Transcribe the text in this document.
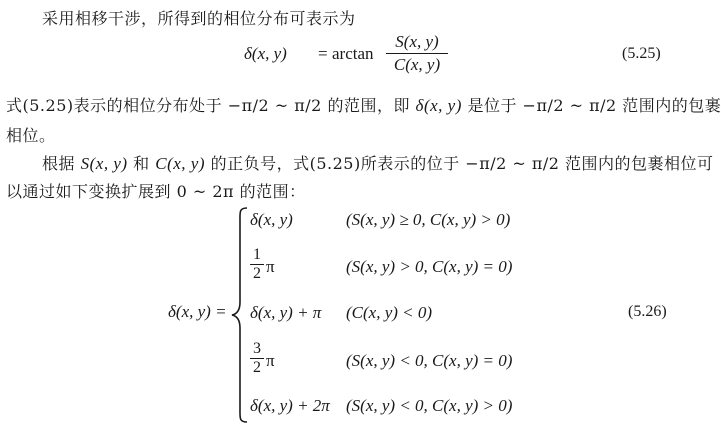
采用相移干涉，所得到的相位分布可表示为
δ(x, y) = arctan
S(x, y)
C(x, y)
(5.25)
式(5.25)表示的相位分布处于 −π/2 ~ π/2 的范围，即 δ(x, y) 是位于 −π/2 ~ π/2 范围内的包裹
相位。
根据 S(x, y) 和 C(x, y) 的正负号，式(5.25)所表示的位于 −π/2 ~ π/2 范围内的包裹相位可
以通过如下变换扩展到 0 ~ 2π 的范围：
δ(x, y) =
δ(x, y)	(S(x, y) ≥ 0, C(x, y) > 0)
1
2 π	(S(x, y) > 0, C(x, y) = 0)
δ(x, y) + π (C(x, y) < 0)
3
2 π	(S(x, y) < 0, C(x, y) = 0)
δ(x, y) + 2π (S(x, y) < 0, C(x, y) > 0)
(5.26)
